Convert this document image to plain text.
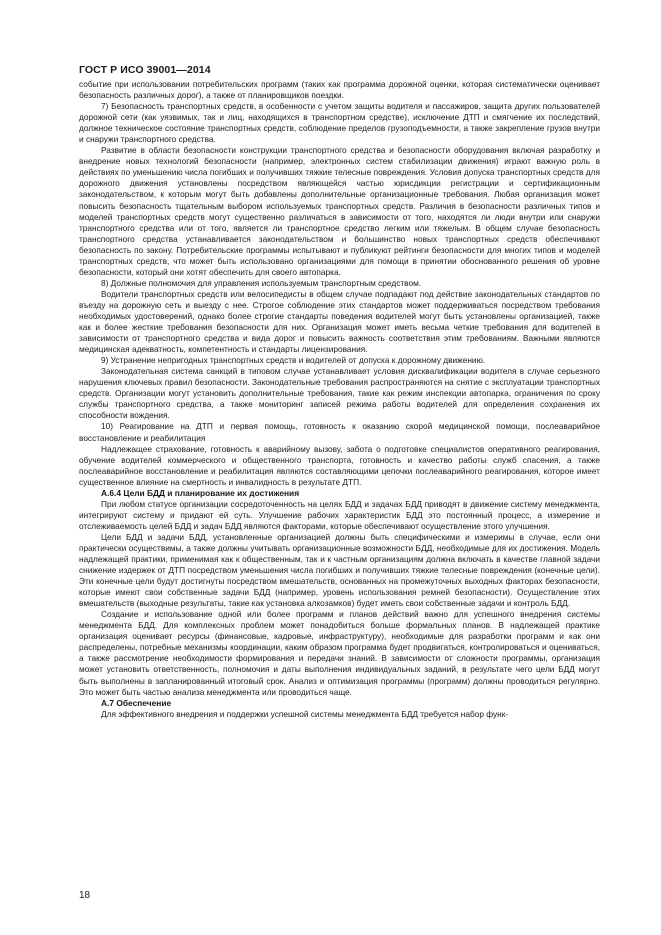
ГОСТ Р ИСО 39001—2014

событие при использовании потребительских программ (таких как программа дорожной оценки, которая систематически оценивает безопасность различных дорог), а также от планировщиков поездки.

7) Безопасность транспортных средств, в особенности с учетом защиты водителя и пассажиров, защита других пользователей дорожной сети (как уязвимых, так и лиц, находящихся в транспортном средстве), исключение ДТП и смягчение их последствий, должное техническое состояние транспортных средств, соблюдение пределов грузоподъемности, а также закрепление грузов внутри и снаружи транспортного средства.

Развитие в области безопасности конструкции транспортного средства и безопасности оборудования включая разработку и внедрение новых технологий безопасности (например, электронных систем стабилизации движения) играют важную роль в действиях по уменьшению числа погибших и получивших тяжкие телесные повреждения. Условия допуска транспортных средств для дорожного движения установлены посредством являющейся частью юрисдикции регистрации и сертификационным законодательством, к которым могут быть добавлены дополнительные организационные требования. Любая организация может повысить безопасность тщательным выбором используемых транспортных средств. Различия в безопасности различных типов и моделей транспортных средств могут существенно различаться в зависимости от того, находятся ли люди внутри или снаружи транспортного средства или от того, является ли транспортное средство легким или тяжелым. В общем случае безопасность транспортного средства устанавливается законодательством и большинство новых транспортных средств обеспечивают безопасность по закону. Потребительские программы испытывают и публикуют рейтинги безопасности для многих типов и моделей транспортных средств, что может быть использовано организациями для помощи в принятии обоснованного решения об уровне безопасности, который они хотят обеспечить для своего автопарка.

8) Должные полномочия для управления используемым транспортным средством.

Водители транспортных средств или велосипедисты в общем случае подпадают под действие законодательных стандартов по въезду на дорожную сеть и выезду с нее. Строгое соблюдение этих стандартов может поддерживаться посредством требования необходимых удостоверений, однако более строгие стандарты поведения водителей могут быть установлены организацией, также как и более жесткие требования безопасности для них. Организация может иметь весьма четкие требования для водителей в зависимости от транспортного средства и вида дорог и повысить важность соответствия этим требованиям. Важными являются медицинская адекватность, компетентность и стандарты лицензирования.

9) Устранение непригодных транспортных средств и водителей от допуска к дорожному движению.

Законодательная система санкций в типовом случае устанавливает условия дисквалификации водителя в случае серьезного нарушения ключевых правил безопасности. Законодательные требования распространяются на снятие с эксплуатации транспортных средств. Организации могут установить дополнительные требования, такие как режим инспекции автопарка, ограничения по сроку службы транспортного средства, а также мониторинг записей режима работы водителей для определения сохранения их способности вождения.

10) Реагирование на ДТП и первая помощь, готовность к оказанию скорой медицинской помощи, послеаварийное восстановление и реабилитация

Надлежащее страхование, готовность к аварийному вызову, забота о подготовке специалистов оперативного реагирования, обучение водителей коммерческого и общественного транспорта, готовность и качество работы служб спасения, а также послеаварийное восстановление и реабилитация являются составляющими цепочки послеаварийного реагирования, которое имеет существенное влияние на смертность и инвалидность в результате ДТП.

А.6.4 Цели БДД и планирование их достижения

При любом статусе организации сосредоточенность на целях БДД и задачах БДД приводят в движение систему менеджмента, интегрируют систему и придают ей суть. Улучшение рабочих характеристик БДД это постоянный процесс, а измерение и отслеживаемость целей БДД и задач БДД являются факторами, которые обеспечивают осуществление этого улучшения.

Цели БДД и задачи БДД, установленные организацией должны быть специфическими и измеримы в случае, если они практически осуществимы, а также должны учитывать организационные возможности БДД, необходимые для их достижения. Модель надлежащей практики, применимая как к общественным, так и к частным организациям должна включать в качестве главной задачи снижение издержек от ДТП посредством уменьшения числа погибших и получивших тяжкие телесные повреждения (конечные цели). Эти конечные цели будут достигнуты посредством вмешательств, основанных на промежуточных выходных факторах безопасности, которые имеют свои собственные задачи БДД (например, уровень использования ремней безопасности). Осуществление этих вмешательств (выходные результаты, такие как установка алкозамков) будет иметь свои собственные задачи и контроль БДД.

Создание и использование одной или более программ и планов действий важно для успешного внедрения системы менеджмента БДД. Для комплексных проблем может понадобиться больше формальных планов. В надлежащей практике организация оценивает ресурсы (финансовые, кадровые, инфраструктуру), необходимые для разработки программ и как они распределены, потребные механизмы координации, каким образом программа будет продвигаться, контролироваться и оцениваться, а также рассмотрение необходимости формирования и передачи знаний. В зависимости от сложности программы, организация может установить ответственность, полномочия и даты выполнения индивидуальных заданий, в результате чего цели БДД могут быть выполнены в запланированный итоговый срок. Анализ и оптимизация программы (программ) должны проводиться регулярно. Это может быть частью анализа менеджмента или проводиться чаще.

А.7 Обеспечение

Для эффективного внедрения и поддержки успешной системы менеджмента БДД требуется набор функ-

18
